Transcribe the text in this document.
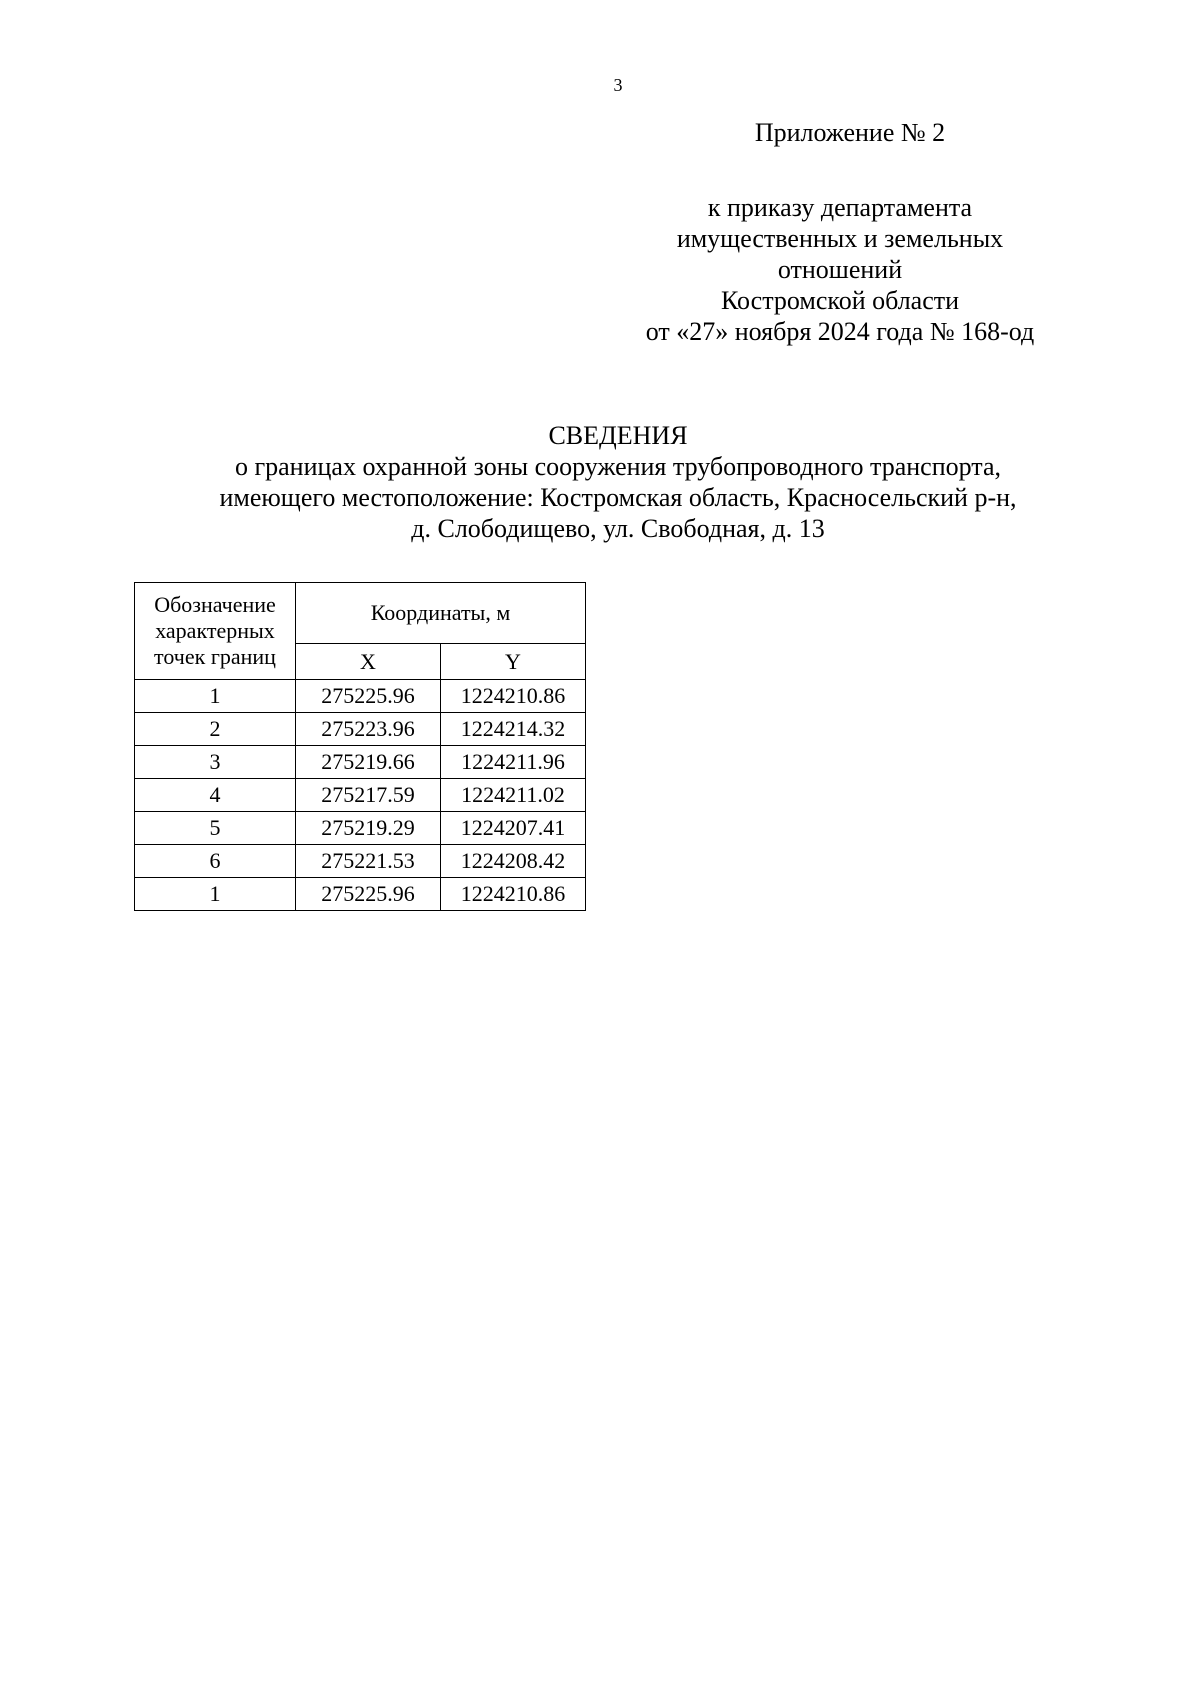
3
Приложение № 2
к приказу департамента
имущественных и земельных
отношений
Костромской области
от «27» ноября 2024 года № 168-од
СВЕДЕНИЯ
о границах охранной зоны сооружения трубопроводного транспорта,
имеющего местоположение: Костромская область, Красносельский р-н,
д. Слободищево, ул. Свободная, д. 13
Обозначение
характерных
точек границ	Координаты, м	
	X	Y
1	275225.96	1224210.86
2	275223.96	1224214.32
3	275219.66	1224211.96
4	275217.59	1224211.02
5	275219.29	1224207.41
6	275221.53	1224208.42
1	275225.96	1224210.86
